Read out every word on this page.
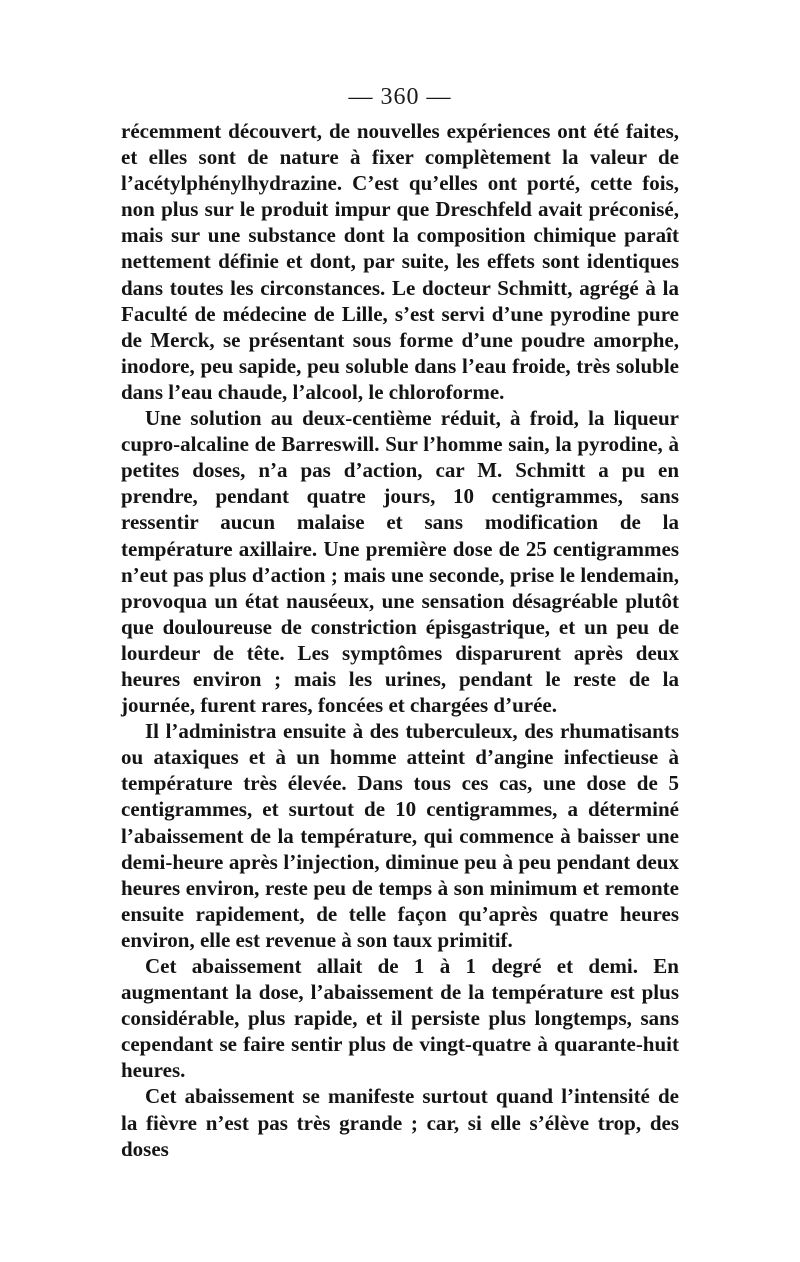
— 360 —

récemment découvert, de nouvelles expériences ont été faites, et elles sont de nature à fixer complètement la valeur de l’acétylphénylhydrazine. C’est qu’elles ont porté, cette fois, non plus sur le produit impur que Dreschfeld avait préconisé, mais sur une substance dont la composition chimique paraît nettement définie et dont, par suite, les effets sont identiques dans toutes les circonstances. Le docteur Schmitt, agrégé à la Faculté de médecine de Lille, s’est servi d’une pyrodine pure de Merck, se présentant sous forme d’une poudre amorphe, inodore, peu sapide, peu soluble dans l’eau froide, très soluble dans l’eau chaude, l’alcool, le chloroforme.

Une solution au deux-centième réduit, à froid, la liqueur cupro-alcaline de Barreswill. Sur l’homme sain, la pyrodine, à petites doses, n’a pas d’action, car M. Schmitt a pu en prendre, pendant quatre jours, 10 centigrammes, sans ressentir aucun malaise et sans modification de la température axillaire. Une première dose de 25 centigrammes n’eut pas plus d’action ; mais une seconde, prise le lendemain, provoqua un état nauséeux, une sensation désagréable plutôt que douloureuse de constriction épisgastrique, et un peu de lourdeur de tête. Les symptômes disparurent après deux heures environ ; mais les urines, pendant le reste de la journée, furent rares, foncées et chargées d’urée.

Il l’administra ensuite à des tuberculeux, des rhumatisants ou ataxiques et à un homme atteint d’angine infectieuse à température très élevée. Dans tous ces cas, une dose de 5 centigrammes, et surtout de 10 centigrammes, a déterminé l’abaissement de la température, qui commence à baisser une demi-heure après l’injection, diminue peu à peu pendant deux heures environ, reste peu de temps à son minimum et remonte ensuite rapidement, de telle façon qu’après quatre heures environ, elle est revenue à son taux primitif.

Cet abaissement allait de 1 à 1 degré et demi. En augmentant la dose, l’abaissement de la température est plus considérable, plus rapide, et il persiste plus longtemps, sans cependant se faire sentir plus de vingt-quatre à quarante-huit heures.

Cet abaissement se manifeste surtout quand l’intensité de la fièvre n’est pas très grande ; car, si elle s’élève trop, des doses
